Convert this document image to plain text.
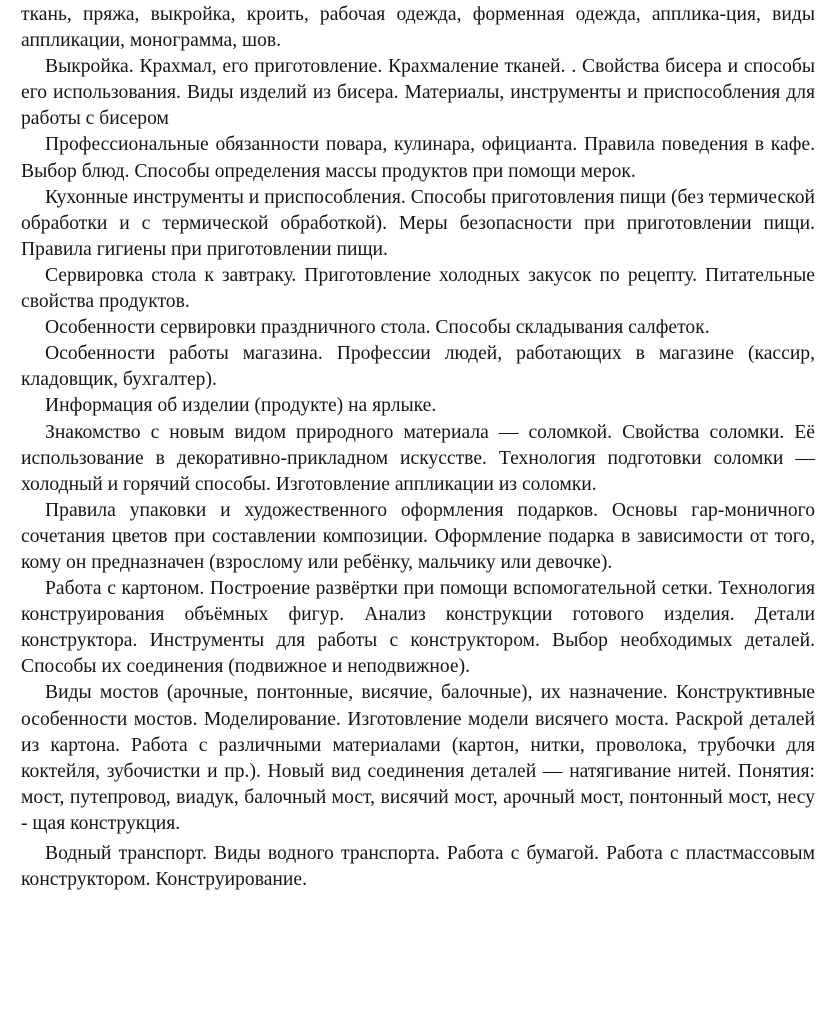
ткань, пряжа, выкройка, кроить, рабочая одежда, форменная одежда, апплика-ция, виды аппликации, монограмма, шов.

Выкройка. Крахмал, его приготовление. Крахмаление тканей. . Свойства бисера и способы его использования. Виды изделий из бисера. Материалы, инструменты и приспособления для работы с бисером

Профессиональные обязанности повара, кулинара, официанта. Правила поведения в кафе. Выбор блюд. Способы определения массы продуктов при помощи мерок.

Кухонные инструменты и приспособления. Способы приготовления пищи (без термической обработки и с термической обработкой). Меры безопасности при приготовлении пищи. Правила гигиены при приготовлении пищи.

Сервировка стола к завтраку. Приготовление холодных закусок по рецепту. Питательные свойства продуктов.

Особенности сервировки праздничного стола. Способы складывания салфеток.

Особенности работы магазина. Профессии людей, работающих в магазине (кассир, кладовщик, бухгалтер).

Информация об изделии (продукте) на ярлыке.

Знакомство с новым видом природного материала — соломкой. Свойства соломки. Её использование в декоративно-прикладном искусстве. Технология подготовки соломки — холодный и горячий способы. Изготовление аппликации из соломки.

Правила упаковки и художественного оформления подарков. Основы гар-моничного сочетания цветов при составлении композиции. Оформление подарка в зависимости от того, кому он предназначен (взрослому или ребёнку, мальчику или девочке).

Работа с картоном. Построение развёртки при помощи вспомогательной сетки. Технология конструирования объёмных фигур. Анализ конструкции готового изделия. Детали конструктора. Инструменты для работы с конструктором. Выбор необходимых деталей. Способы их соединения (подвижное и неподвижное).

Виды мостов (арочные, понтонные, висячие, балочные), их назначение. Конструктивные особенности мостов. Моделирование. Изготовление модели висячего моста. Раскрой деталей из картона. Работа с различными материалами (картон, нитки, проволока, трубочки для коктейля, зубочистки и пр.). Новый вид соединения деталей — натягивание нитей. Понятия: мост, путепровод, виадук, балочный мост, висячий мост, арочный мост, понтонный мост, несу - щая конструкция.

Водный транспорт. Виды водного транспорта. Работа с бумагой. Работа с пластмассовым конструктором. Конструирование.
